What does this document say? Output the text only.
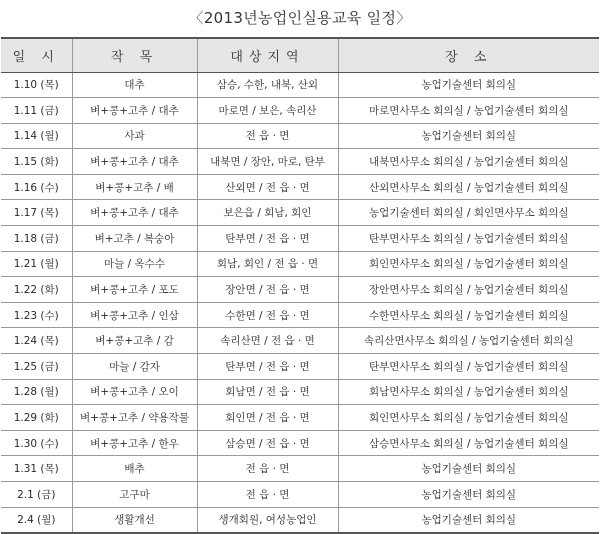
〈2013년농업인실용교육 일정〉
일 시	작 목	대상지역	장 소
1.10 (목)	대추	삼승, 수한, 내북, 산외	농업기술센터 회의실
1.11 (금)	벼+콩+고추 / 대추	마로면 / 보은, 속리산	마로면사무소 회의실 / 농업기술센터 회의실
1.14 (월)	사과	전 읍 · 면	농업기술센터 회의실
1.15 (화)	벼+콩+고추 / 대추	내북면 / 장안, 마로, 탄부	내북면사무소 회의실 / 농업기술센터 회의실
1.16 (수)	벼+콩+고추 / 배	산외면 / 전 읍 · 면	산외면사무소 회의실 / 농업기술센터 회의실
1.17 (목)	벼+콩+고추 / 대추	보은읍 / 회남, 회인	농업기술센터 회의실 / 회인면사무소 회의실
1.18 (금)	벼+고추 / 복숭아	탄부면 / 전 읍 · 면	탄부면사무소 회의실 / 농업기술센터 회의실
1.21 (월)	마늘 / 옥수수	회남, 회인 / 전 읍 · 면	회인면사무소 회의실 / 농업기술센터 회의실
1.22 (화)	벼+콩+고추 / 포도	장안면 / 전 읍 · 면	장안면사무소 회의실 / 농업기술센터 회의실
1.23 (수)	벼+콩+고추 / 인삼	수한면 / 전 읍 · 면	수한면사무소 회의실 / 농업기술센터 회의실
1.24 (목)	벼+콩+고추 / 감	속리산면 / 전 읍 · 면	속리산면사무소 회의실 / 농업기술센터 회의실
1.25 (금)	마늘 / 감자	탄부면 / 전 읍 · 면	탄부면사무소 회의실 / 농업기술센터 회의실
1.28 (월)	벼+콩+고추 / 오이	회남면 / 전 읍 · 면	회남면사무소 회의실 / 농업기술센터 회의실
1.29 (화)	벼+콩+고추 / 약용작물	회인면 / 전 읍 · 면	회인면사무소 회의실 / 농업기술센터 회의실
1.30 (수)	벼+콩+고추 / 한우	삼승면 / 전 읍 · 면	삼승면사무소 회의실 / 농업기술센터 회의실
1.31 (목)	배추	전 읍 · 면	농업기술센터 회의실
2.1 (금)	고구마	전 읍 · 면	농업기술센터 회의실
2.4 (월)	생활개선	생개회원, 여성농업인	농업기술센터 회의실
